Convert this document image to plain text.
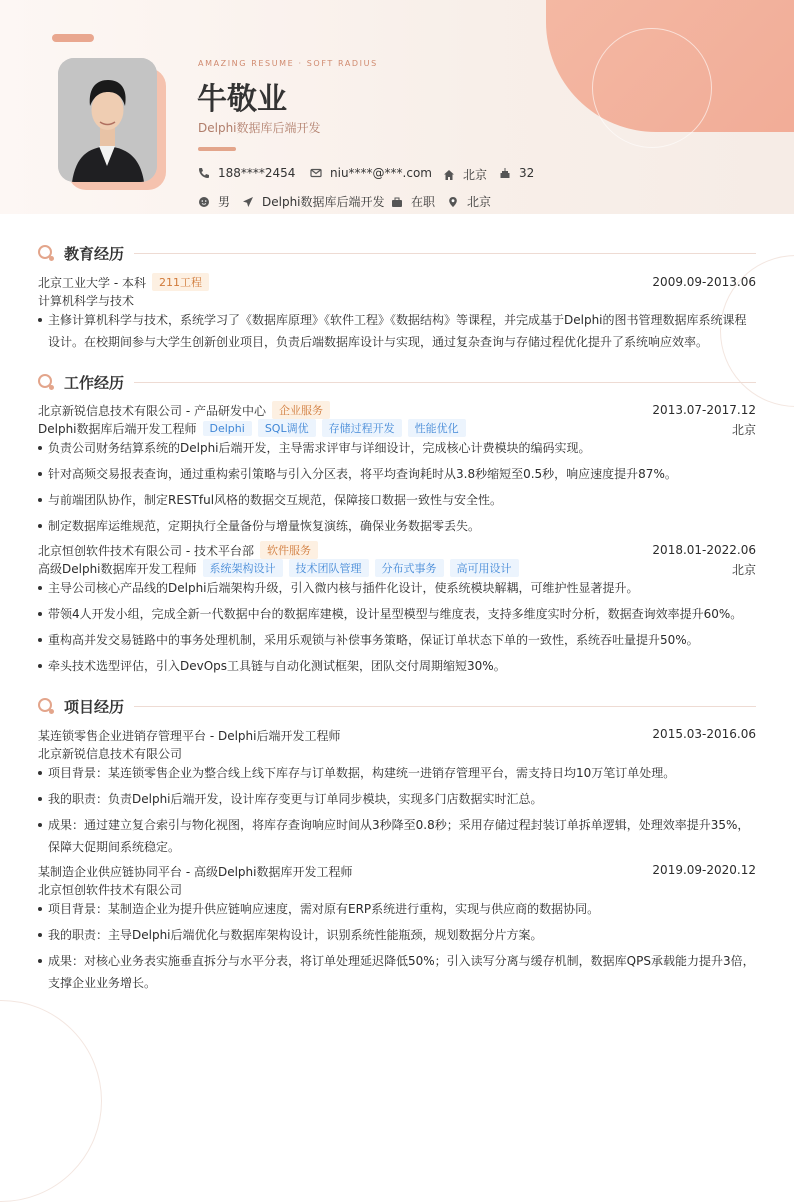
AMAZING RESUME · SOFT RADIUS
牛敬业
Delphi数据库后端开发
188****2454	niu****@***.com	北京	32
男	Delphi数据库后端开发 在职	北京
教育经历
北京工业大学 - 本科	211工程	2009.09-2013.06
计算机科学与技术
主修计算机科学与技术，系统学习了《数据库原理》《软件工程》《数据结构》等课程，并完成基于Delphi的图书管理数据库系统课程设计。在校期间参与大学生创新创业项目，负责后端数据库设计与实现，通过复杂查询与存储过程优化提升了系统响应效率。
工作经历
北京新锐信息技术有限公司 - 产品研发中心	企业服务	2013.07-2017.12
Delphi数据库后端开发工程师	Delphi	SQL调优	存储过程开发	性能优化	北京
负责公司财务结算系统的Delphi后端开发，主导需求评审与详细设计，完成核心计费模块的编码实现。
针对高频交易报表查询，通过重构索引策略与引入分区表，将平均查询耗时从3.8秒缩短至0.5秒，响应速度提升87%。
与前端团队协作，制定RESTful风格的数据交互规范，保障接口数据一致性与安全性。
制定数据库运维规范，定期执行全量备份与增量恢复演练，确保业务数据零丢失。
北京恒创软件技术有限公司 - 技术平台部	软件服务	2018.01-2022.06
高级Delphi数据库开发工程师	系统架构设计	技术团队管理	分布式事务	高可用设计	北京
主导公司核心产品线的Delphi后端架构升级，引入微内核与插件化设计，使系统模块解耦，可维护性显著提升。
带领4人开发小组，完成全新一代数据中台的数据库建模，设计星型模型与维度表，支持多维度实时分析，数据查询效率提升60%。
重构高并发交易链路中的事务处理机制，采用乐观锁与补偿事务策略，保证订单状态下单的一致性，系统吞吐量提升50%。
牵头技术选型评估，引入DevOps工具链与自动化测试框架，团队交付周期缩短30%。
项目经历
某连锁零售企业进销存管理平台 - Delphi后端开发工程师	2015.03-2016.06
北京新锐信息技术有限公司
项目背景：某连锁零售企业为整合线上线下库存与订单数据，构建统一进销存管理平台，需支持日均10万笔订单处理。
我的职责：负责Delphi后端开发，设计库存变更与订单同步模块，实现多门店数据实时汇总。
成果：通过建立复合索引与物化视图，将库存查询响应时间从3秒降至0.8秒；采用存储过程封装订单拆单逻辑，处理效率提升35%，保障大促期间系统稳定。
某制造企业供应链协同平台 - 高级Delphi数据库开发工程师	2019.09-2020.12
北京恒创软件技术有限公司
项目背景：某制造企业为提升供应链响应速度，需对原有ERP系统进行重构，实现与供应商的数据协同。
我的职责：主导Delphi后端优化与数据库架构设计，识别系统性能瓶颈，规划数据分片方案。
成果：对核心业务表实施垂直拆分与水平分表，将订单处理延迟降低50%；引入读写分离与缓存机制，数据库QPS承载能力提升3倍，支撑企业业务增长。
